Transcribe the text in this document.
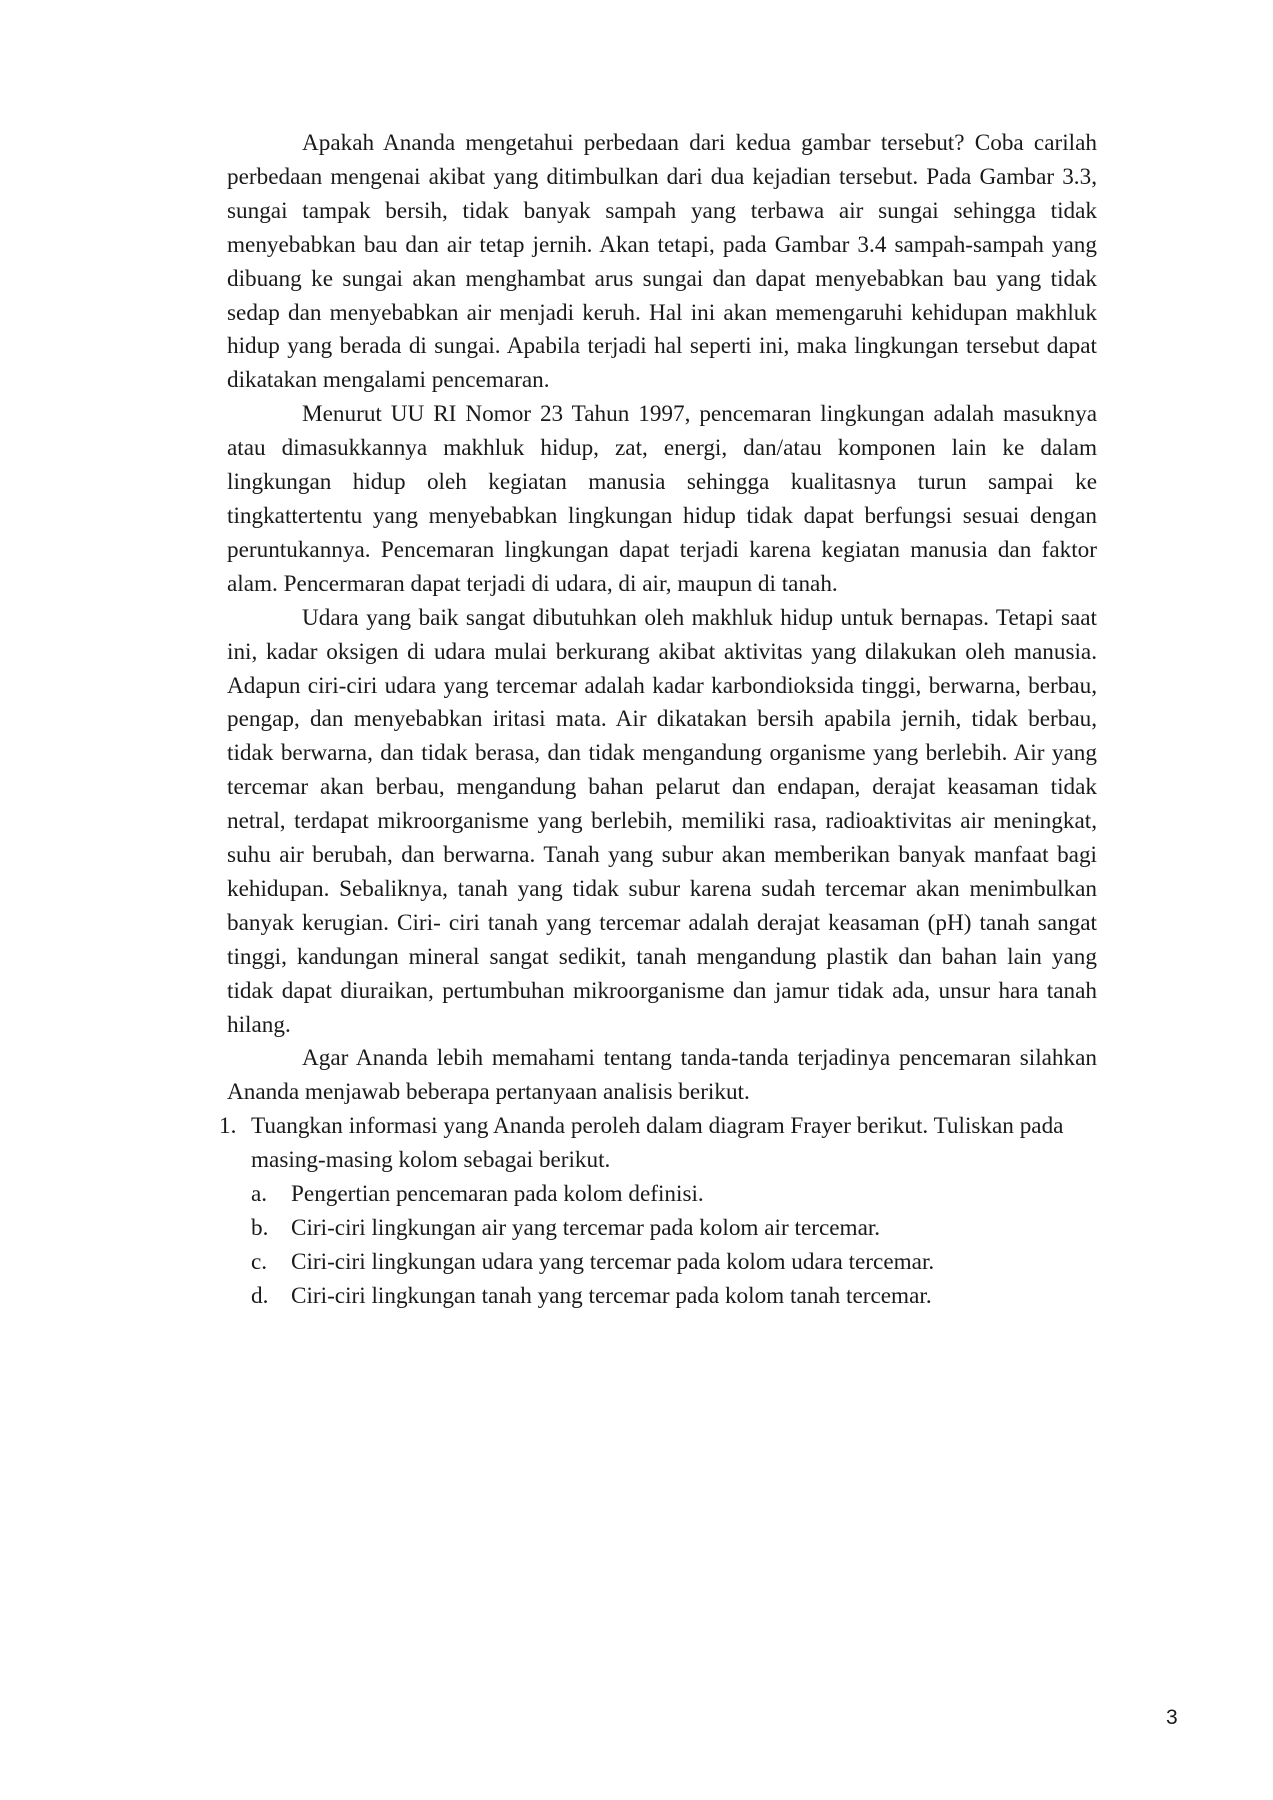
Apakah Ananda mengetahui perbedaan dari kedua gambar tersebut? Coba carilah perbedaan mengenai akibat yang ditimbulkan dari dua kejadian tersebut. Pada Gambar 3.3, sungai tampak bersih, tidak banyak sampah yang terbawa air sungai sehingga tidak menyebabkan bau dan air tetap jernih. Akan tetapi, pada Gambar 3.4 sampah-sampah yang dibuang ke sungai akan menghambat arus sungai dan dapat menyebabkan bau yang tidak sedap dan menyebabkan air menjadi keruh. Hal ini akan memengaruhi kehidupan makhluk hidup yang berada di sungai. Apabila terjadi hal seperti ini, maka lingkungan tersebut dapat dikatakan mengalami pencemaran.

Menurut UU RI Nomor 23 Tahun 1997, pencemaran lingkungan adalah masuknya atau dimasukkannya makhluk hidup, zat, energi, dan/atau komponen lain ke dalam lingkungan hidup oleh kegiatan manusia sehingga kualitasnya turun sampai ke tingkattertentu yang menyebabkan lingkungan hidup tidak dapat berfungsi sesuai dengan peruntukannya. Pencemaran lingkungan dapat terjadi karena kegiatan manusia dan faktor alam. Pencermaran dapat terjadi di udara, di air, maupun di tanah.

Udara yang baik sangat dibutuhkan oleh makhluk hidup untuk bernapas. Tetapi saat ini, kadar oksigen di udara mulai berkurang akibat aktivitas yang dilakukan oleh manusia. Adapun ciri-ciri udara yang tercemar adalah kadar karbondioksida tinggi, berwarna, berbau, pengap, dan menyebabkan iritasi mata. Air dikatakan bersih apabila jernih, tidak berbau, tidak berwarna, dan tidak berasa, dan tidak mengandung organisme yang berlebih. Air yang tercemar akan berbau, mengandung bahan pelarut dan endapan, derajat keasaman tidak netral, terdapat mikroorganisme yang berlebih, memiliki rasa, radioaktivitas air meningkat, suhu air berubah, dan berwarna. Tanah yang subur akan memberikan banyak manfaat bagi kehidupan. Sebaliknya, tanah yang tidak subur karena sudah tercemar akan menimbulkan banyak kerugian. Ciri- ciri tanah yang tercemar adalah derajat keasaman (pH) tanah sangat tinggi, kandungan mineral sangat sedikit, tanah mengandung plastik dan bahan lain yang tidak dapat diuraikan, pertumbuhan mikroorganisme dan jamur tidak ada, unsur hara tanah hilang.

Agar Ananda lebih memahami tentang tanda-tanda terjadinya pencemaran silahkan Ananda menjawab beberapa pertanyaan analisis berikut.

1. Tuangkan informasi yang Ananda peroleh dalam diagram Frayer berikut. Tuliskan pada masing-masing kolom sebagai berikut.
a. Pengertian pencemaran pada kolom definisi.
b. Ciri-ciri lingkungan air yang tercemar pada kolom air tercemar.
c. Ciri-ciri lingkungan udara yang tercemar pada kolom udara tercemar.
d. Ciri-ciri lingkungan tanah yang tercemar pada kolom tanah tercemar.
3
